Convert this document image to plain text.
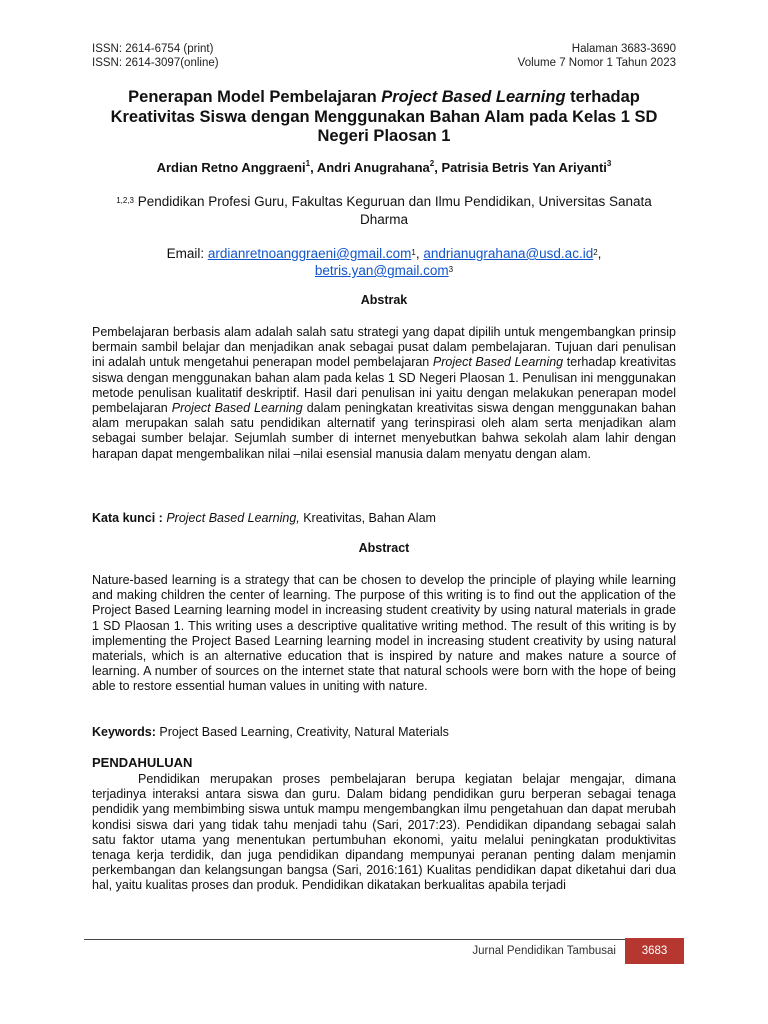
ISSN: 2614-6754 (print)
ISSN: 2614-3097(online)
Halaman 3683-3690
Volume 7 Nomor 1 Tahun 2023
Penerapan Model Pembelajaran Project Based Learning terhadap Kreativitas Siswa dengan Menggunakan Bahan Alam pada Kelas 1 SD Negeri Plaosan 1
Ardian Retno Anggraeni$^1$, Andri Anugrahana$^2$, Patrisia Betris Yan Ariyanti$^3$
$^{1,2,3}$ Pendidikan Profesi Guru, Fakultas Keguruan dan Ilmu Pendidikan, Universitas Sanata Dharma
Email: ardianretnoanggraeni@gmail.com$^1$, $andrianugrahana@usd.ac.id^2$,
betris.yan@gmail.com$^3$
Abstrak

Pembelajaran berbasis alam adalah salah satu strategi yang dapat dipilih untuk mengembangkan prinsip bermain sambil belajar dan menjadikan anak sebagai pusat dalam pembelajaran. Tujuan dari penulisan ini adalah untuk mengetahui penerapan model pembelajaran Project Based Learning terhadap kreativitas siswa dengan menggunakan bahan alam pada kelas 1 SD Negeri Plaosan 1. Penulisan ini menggunakan metode penulisan kualitatif deskriptif. Hasil dari penulisan ini yaitu dengan melakukan penerapan model pembelajaran Project Based Learning dalam peningkatan kreativitas siswa dengan menggunakan bahan alam merupakan salah satu pendidikan alternatif yang terinspirasi oleh alam serta menjadikan alam sebagai sumber belajar. Sejumlah sumber di internet menyebutkan bahwa sekolah alam lahir dengan harapan dapat mengembalikan nilai –nilai esensial manusia dalam menyatu dengan alam.

Kata kunci : Project Based Learning, Kreativitas, Bahan Alam
Abstract

Nature-based learning is a strategy that can be chosen to develop the principle of playing while learning and making children the center of learning. The purpose of this writing is to find out the application of the Project Based Learning learning model in increasing student creativity by using natural materials in grade 1 SD Plaosan 1. This writing uses a descriptive qualitative writing method. The result of this writing is by implementing the Project Based Learning learning model in increasing student creativity by using natural materials, which is an alternative education that is inspired by nature and makes nature a source of learning. A number of sources on the internet state that natural schools were born with the hope of being able to restore essential human values in uniting with nature.

Keywords: Project Based Learning, Creativity, Natural Materials
PENDAHULUAN

Pendidikan merupakan proses pembelajaran berupa kegiatan belajar mengajar, dimana terjadinya interaksi antara siswa dan guru. Dalam bidang pendidikan guru berperan sebagai tenaga pendidik yang membimbing siswa untuk mampu mengembangkan ilmu pengetahuan dan dapat merubah kondisi siswa dari yang tidak tahu menjadi tahu (Sari, 2017:23). Pendidikan dipandang sebagai salah satu faktor utama yang menentukan pertumbuhan ekonomi, yaitu melalui peningkatan produktivitas tenaga kerja terdidik, dan juga pendidikan dipandang mempunyai peranan penting dalam menjamin perkembangan dan kelangsungan bangsa (Sari, 2016:161) Kualitas pendidikan dapat diketahui dari dua hal, yaitu kualitas proses dan produk. Pendidikan dikatakan berkualitas apabila terjadi

Jurnal Pendidikan Tambusai	3683
